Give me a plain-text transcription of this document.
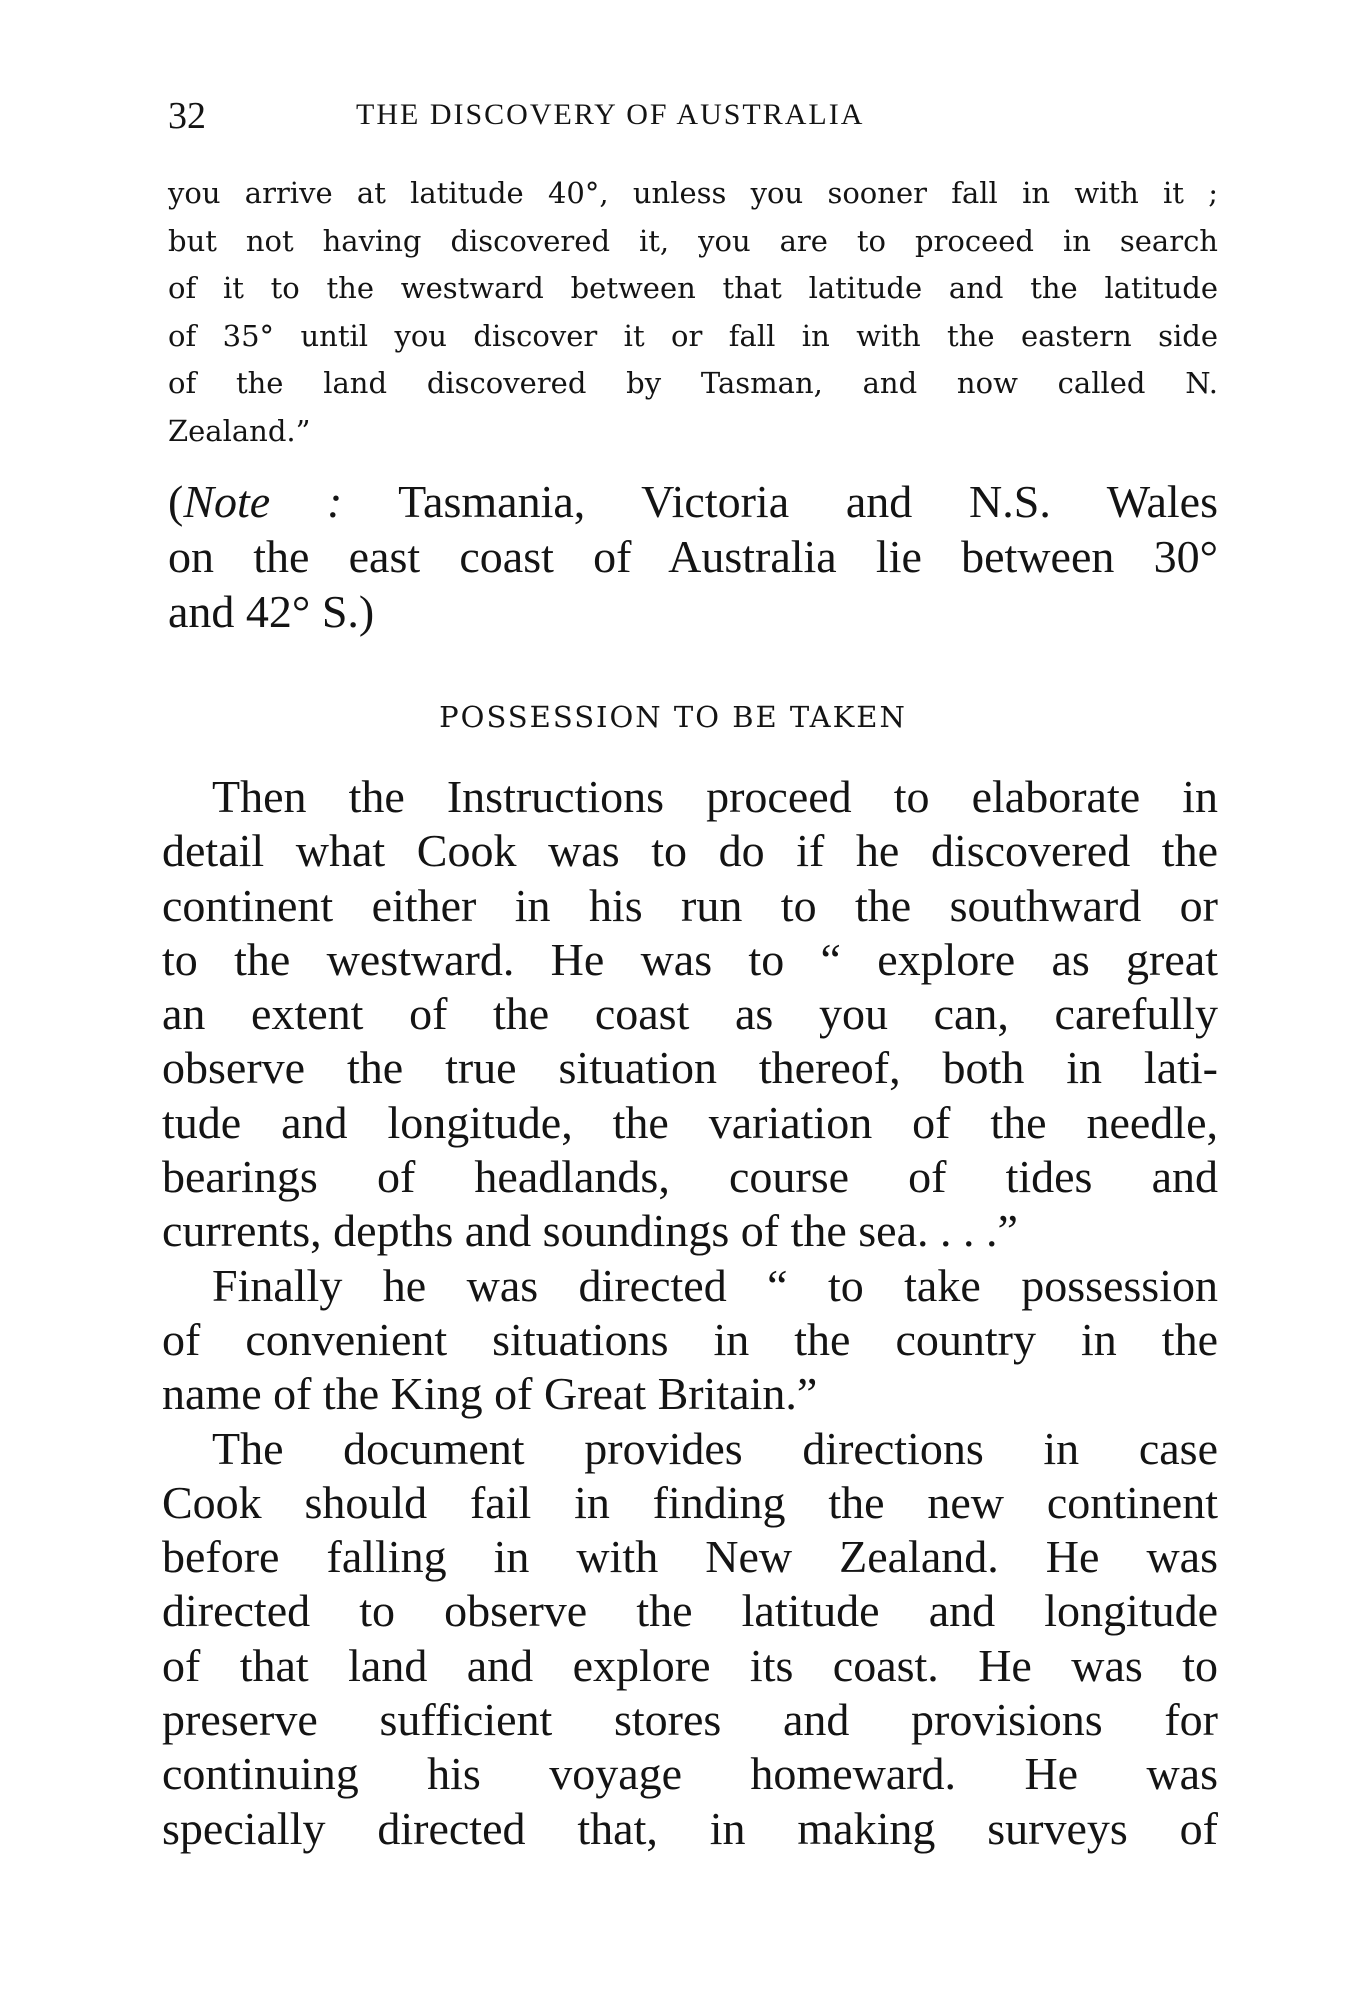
32	THE DISCOVERY OF AUSTRALIA
you arrive at latitude 40°, unless you sooner fall in with it ;
but not having discovered it, you are to proceed in search
of it to the westward between that latitude and the latitude
of 35° until you discover it or fall in with the eastern side
of the land discovered by Tasman, and now called N.
Zealand.”
(Note : Tasmania, Victoria and N.S. Wales
on the east coast of Australia lie between 30°
and 42° S.)
POSSESSION TO BE TAKEN
Then the Instructions proceed to elaborate in
detail what Cook was to do if he discovered the
continent either in his run to the southward or
to the westward. He was to “ explore as great
an extent of the coast as you can, carefully
observe the true situation thereof, both in lati-
tude and longitude, the variation of the needle,
bearings of headlands, course of tides and
currents, depths and soundings of the sea. . . .”
Finally he was directed “ to take possession
of convenient situations in the country in the
name of the King of Great Britain.”
The document provides directions in case
Cook should fail in finding the new continent
before falling in with New Zealand. He was
directed to observe the latitude and longitude
of that land and explore its coast. He was to
preserve sufficient stores and provisions for
continuing his voyage homeward. He was
specially directed that, in making surveys of
